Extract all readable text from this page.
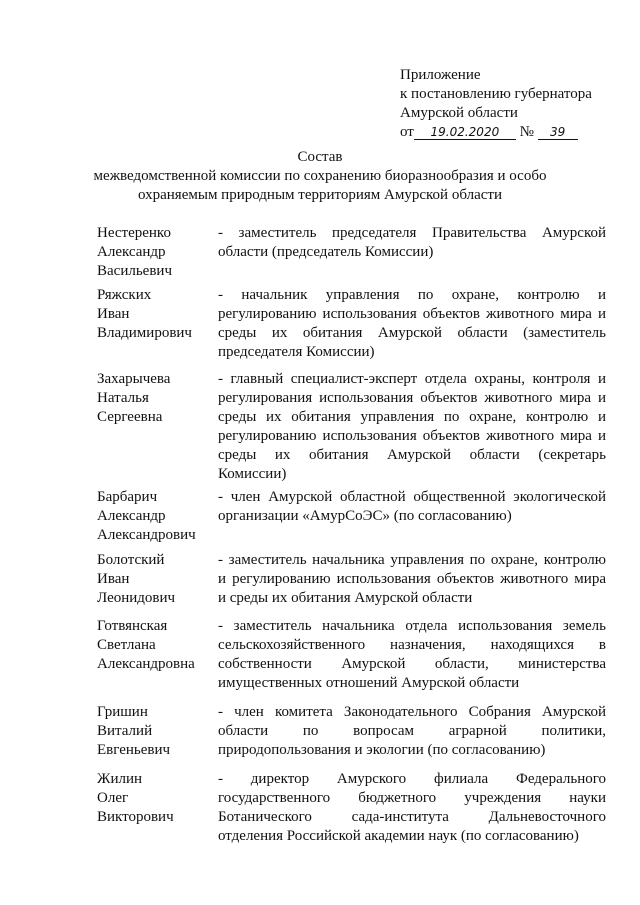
Приложение
к постановлению губернатора
Амурской области
от 19.02.2020 № 39
Состав
межведомственной комиссии по сохранению биоразнообразия и особо
охраняемым природным территориям Амурской области
Нестеренко
Александр
Васильевич
- заместитель председателя Правительства Амурской
области (председатель Комиссии)
Ряжских
Иван
Владимирович
- начальник управления по охране, контролю и
регулированию использования объектов животного мира и
среды их обитания Амурской области (заместитель
председателя Комиссии)
Захарычева
Наталья
Сергеевна
- главный специалист-эксперт отдела охраны, контроля и
регулирования использования объектов животного мира и
среды их обитания управления по охране, контролю и
регулированию использования объектов животного мира и
среды их обитания Амурской области (секретарь
Комиссии)
Барбарич
Александр
Александрович
- член Амурской областной общественной экологической
организации «АмурСоЭС» (по согласованию)
Болотский
Иван
Леонидович
- заместитель начальника управления по охране, контролю
и регулированию использования объектов животного мира
и среды их обитания Амурской области
Готвянская
Светлана
Александровна
- заместитель начальника отдела использования земель
сельскохозяйственного назначения, находящихся в
собственности Амурской области, министерства
имущественных отношений Амурской области
Гришин
Виталий
Евгеньевич
- член комитета Законодательного Собрания Амурской
области по вопросам аграрной политики,
природопользования и экологии (по согласованию)
Жилин
Олег
Викторович
- директор Амурского филиала Федерального
государственного бюджетного учреждения науки
Ботанического сада-института Дальневосточного
отделения Российской академии наук (по согласованию)
